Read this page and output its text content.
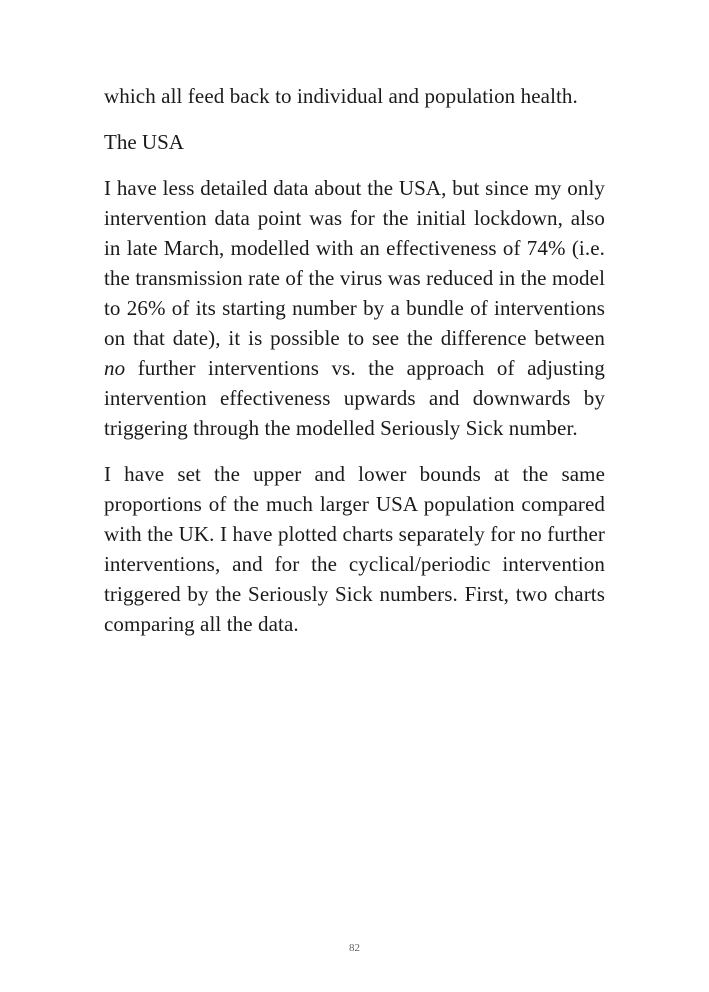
which all feed back to individual and population health.

The USA

I have less detailed data about the USA, but since my only intervention data point was for the initial lockdown, also in late March, modelled with an effectiveness of 74% (i.e. the transmission rate of the virus was reduced in the model to 26% of its starting number by a bundle of interventions on that date), it is possible to see the difference between no further interventions vs. the approach of adjusting intervention effectiveness upwards and downwards by triggering through the modelled Seriously Sick number.

I have set the upper and lower bounds at the same proportions of the much larger USA population compared with the UK. I have plotted charts separately for no further interventions, and for the cyclical/periodic intervention triggered by the Seriously Sick numbers. First, two charts comparing all the data.

82
